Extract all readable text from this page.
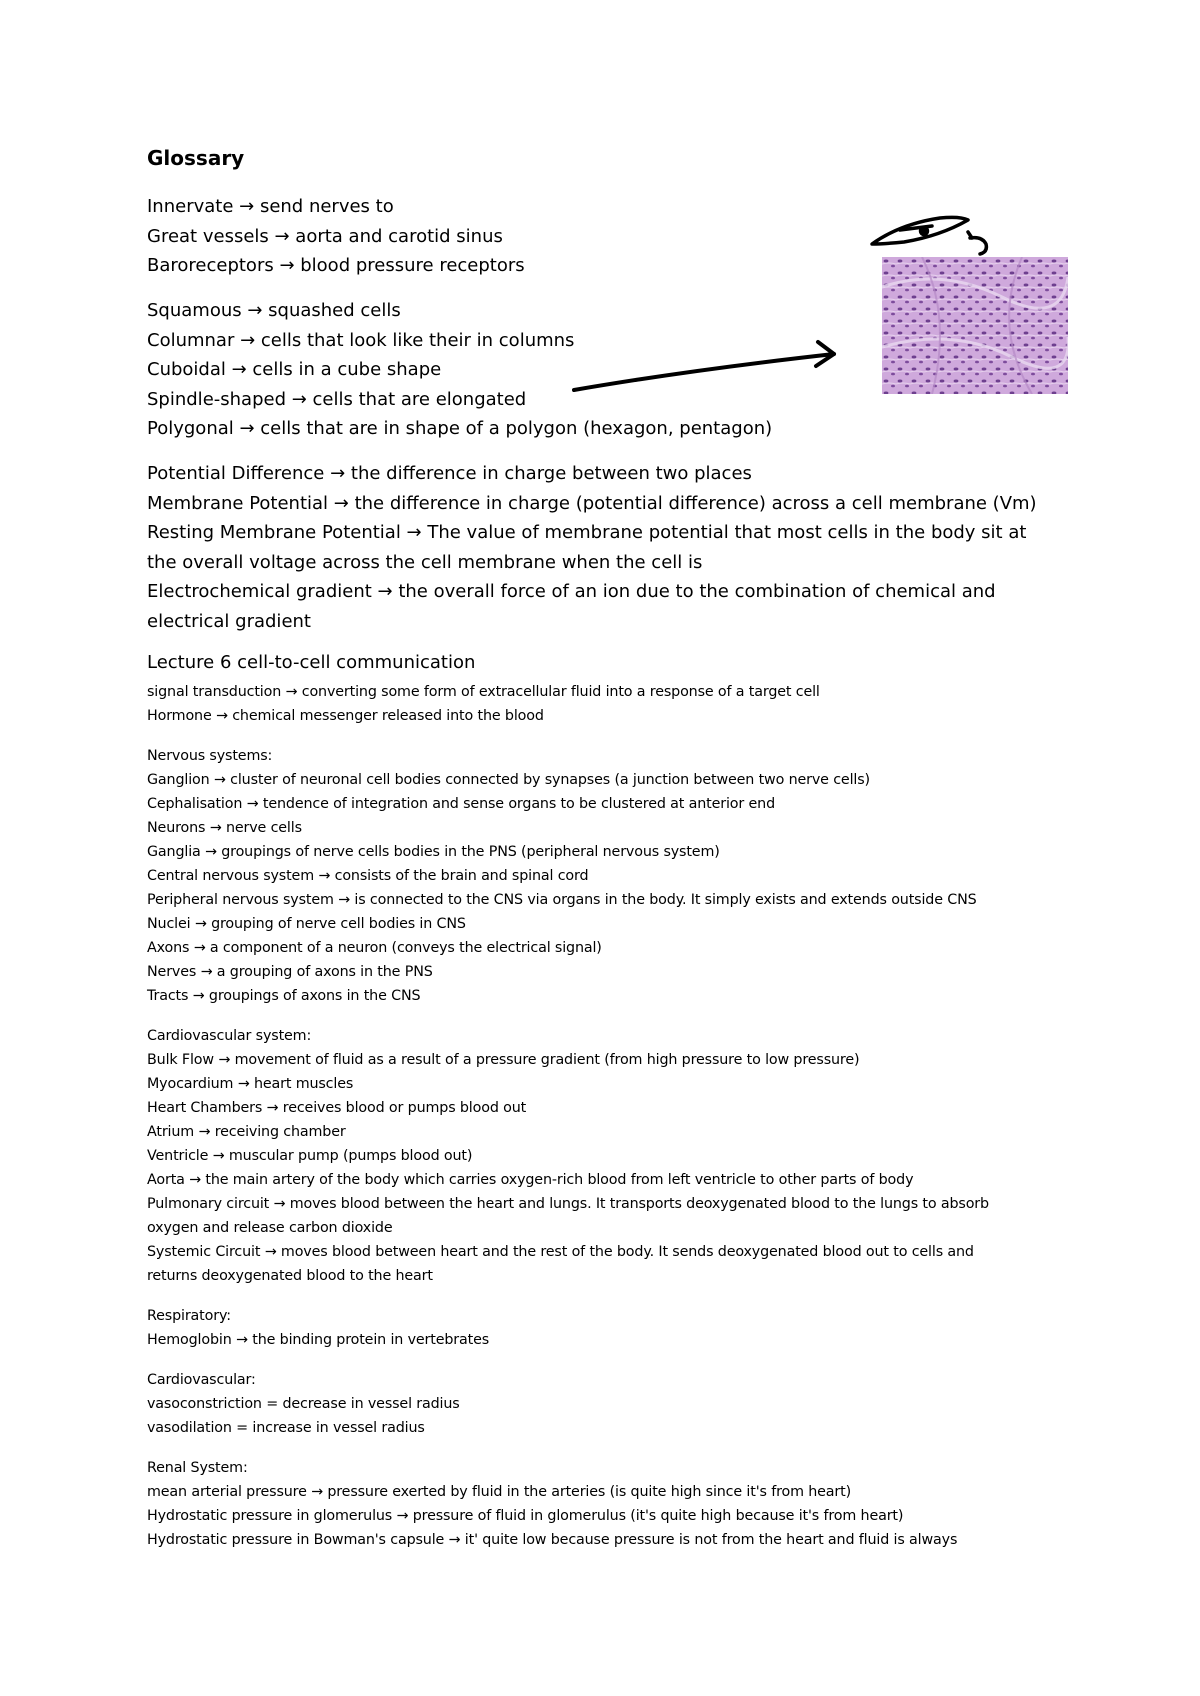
Glossary

Innervate → send nerves to

Great vessels → aorta and carotid sinus

Baroreceptors → blood pressure receptors

Squamous → squashed cells

Columnar → cells that look like their in columns

Cuboidal → cells in a cube shape

Spindle-shaped → cells that are elongated

Polygonal → cells that are in shape of a polygon (hexagon, pentagon)

Potential Difference → the difference in charge between two places

Membrane Potential → the difference in charge (potential difference) across a cell membrane (Vm)

Resting Membrane Potential → The value of membrane potential that most cells in the body sit at

the overall voltage across the cell membrane when the cell is

Electrochemical gradient → the overall force of an ion due to the combination of chemical and

electrical gradient

Lecture 6 cell-to-cell communication

signal transduction → converting some form of extracellular fluid into a response of a target cell

Hormone → chemical messenger released into the blood

Nervous systems:

Ganglion → cluster of neuronal cell bodies connected by synapses (a junction between two nerve cells)

Cephalisation → tendence of integration and sense organs to be clustered at anterior end

Neurons → nerve cells

Ganglia → groupings of nerve cells bodies in the PNS (peripheral nervous system)

Central nervous system → consists of the brain and spinal cord

Peripheral nervous system → is connected to the CNS via organs in the body. It simply exists and extends outside CNS

Nuclei → grouping of nerve cell bodies in CNS

Axons → a component of a neuron (conveys the electrical signal)

Nerves → a grouping of axons in the PNS

Tracts → groupings of axons in the CNS

Cardiovascular system:

Bulk Flow → movement of fluid as a result of a pressure gradient (from high pressure to low pressure)

Myocardium → heart muscles

Heart Chambers → receives blood or pumps blood out

Atrium → receiving chamber

Ventricle → muscular pump (pumps blood out)

Aorta → the main artery of the body which carries oxygen-rich blood from left ventricle to other parts of body

Pulmonary circuit → moves blood between the heart and lungs. It transports deoxygenated blood to the lungs to absorb

oxygen and release carbon dioxide

Systemic Circuit → moves blood between heart and the rest of the body. It sends deoxygenated blood out to cells and

returns deoxygenated blood to the heart

Respiratory:

Hemoglobin → the binding protein in vertebrates

Cardiovascular:

vasoconstriction = decrease in vessel radius

vasodilation = increase in vessel radius

Renal System:

mean arterial pressure → pressure exerted by fluid in the arteries (is quite high since it's from heart)

Hydrostatic pressure in glomerulus → pressure of fluid in glomerulus (it's quite high because it's from heart)

Hydrostatic pressure in Bowman's capsule → it' quite low because pressure is not from the heart and fluid is always
